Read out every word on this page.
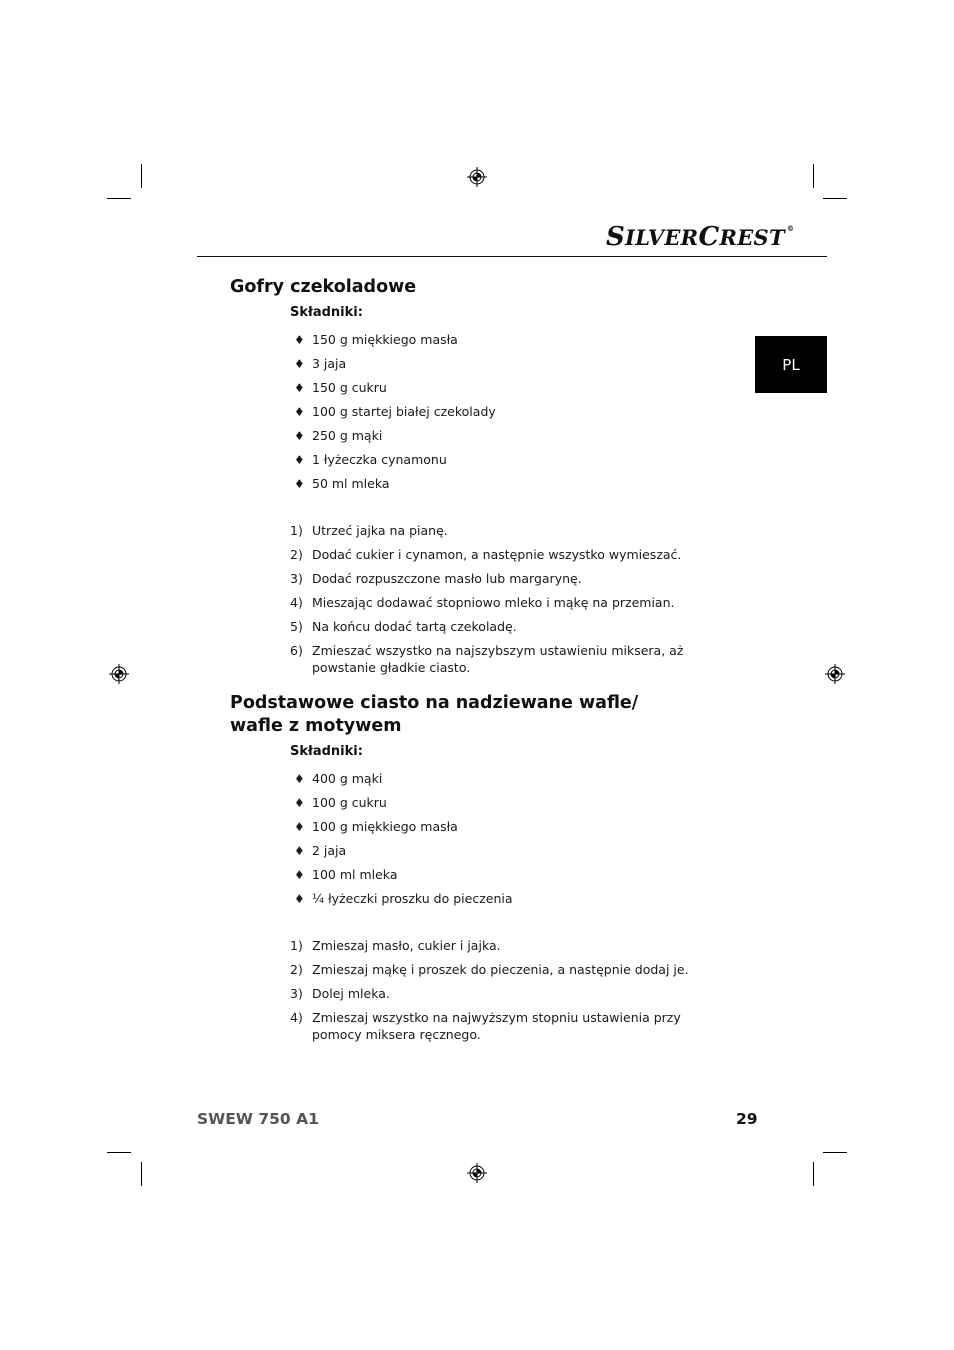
SILVERCREST ®
PL
Gofry czekoladowe
Składniki:
♦ 150 g miękkiego masła
♦ 3 jaja
♦ 150 g cukru
♦ 100 g startej białej czekolady
♦ 250 g mąki
♦ 1 łyżeczka cynamonu
♦ 50 ml mleka
1) Utrzeć jajka na pianę.
2) Dodać cukier i cynamon, a następnie wszystko wymieszać.
3) Dodać rozpuszczone masło lub margarynę.
4) Mieszając dodawać stopniowo mleko i mąkę na przemian.
5) Na końcu dodać tartą czekoladę.
6) Zmieszać wszystko na najszybszym ustawieniu miksera, aż powstanie gładkie ciasto.
Podstawowe ciasto na nadziewane wafle/
wafle z motywem
Składniki:
♦ 400 g mąki
♦ 100 g cukru
♦ 100 g miękkiego masła
♦ 2 jaja
♦ 100 ml mleka
♦ ¼ łyżeczki proszku do pieczenia
1) Zmieszaj masło, cukier i jajka.
2) Zmieszaj mąkę i proszek do pieczenia, a następnie dodaj je.
3) Dolej mleka.
4) Zmieszaj wszystko na najwyższym stopniu ustawienia przy pomocy miksera ręcznego.
SWEW 750 A1	29
